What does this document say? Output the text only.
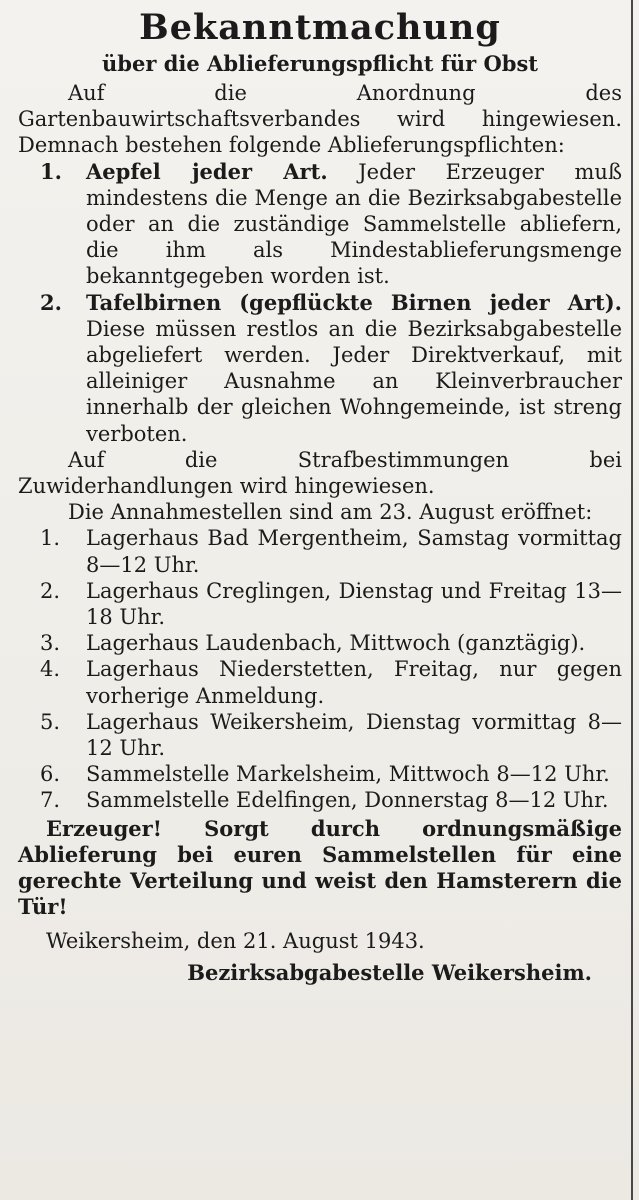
Bekanntmachung
über die Ablieferungspflicht für Obst

Auf die Anordnung des Gartenbauwirtschaftsverbandes wird hingewiesen. Demnach bestehen folgende Ablieferungspflichten:

1. Aepfel jeder Art. Jeder Erzeuger muß mindestens die Menge an die Bezirksabgabestelle oder an die zuständige Sammelstelle abliefern, die ihm als Mindestablieferungsmenge bekanntgegeben worden ist.
2. Tafelbirnen (gepflückte Birnen jeder Art). Diese müssen restlos an die Bezirksabgabestelle abgeliefert werden. Jeder Direktverkauf, mit alleiniger Ausnahme an Kleinverbraucher innerhalb der gleichen Wohngemeinde, ist streng verboten.

Auf die Strafbestimmungen bei Zuwiderhandlungen wird hingewiesen.

Die Annahmestellen sind am 23. August eröffnet:

1. Lagerhaus Bad Mergentheim, Samstag vormittag 8—12 Uhr.
2. Lagerhaus Creglingen, Dienstag und Freitag 13—18 Uhr.
3. Lagerhaus Laudenbach, Mittwoch (ganztägig).
4. Lagerhaus Niederstetten, Freitag, nur gegen vorherige Anmeldung.
5. Lagerhaus Weikersheim, Dienstag vormittag 8—12 Uhr.
6. Sammelstelle Markelsheim, Mittwoch 8—12 Uhr.
7. Sammelstelle Edelfingen, Donnerstag 8—12 Uhr.

Erzeuger! Sorgt durch ordnungsmäßige Ablieferung bei euren Sammelstellen für eine gerechte Verteilung und weist den Hamsterern die Tür!

Weikersheim, den 21. August 1943.

Bezirksabgabestelle Weikersheim.
